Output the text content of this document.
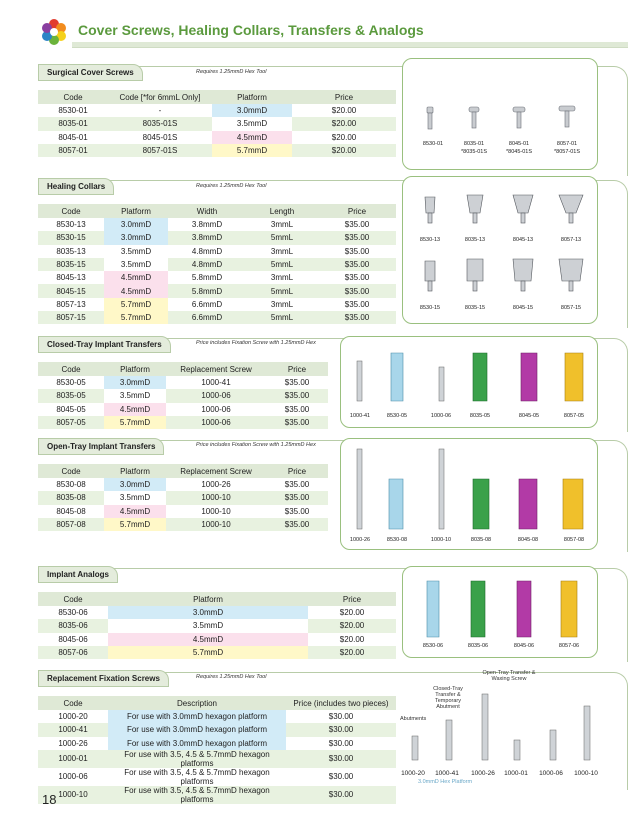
Cover Screws, Healing Collars, Transfers & Analogs
Surgical Cover Screws	Requires 1.25mmD Hex Tool
Code	Code [*for 6mmL Only]	Platform	Price
8530-01	-	3.0mmD	$20.00
8035-01	8035-01S	3.5mmD	$20.00
8045-01	8045-01S	4.5mmD	$20.00
8057-01	8057-01S	5.7mmD	$20.00
8530-01	8035-01	8045-01	8057-01
*8035-01S	*8045-01S	*8057-01S
Healing Collars	Requires 1.25mmD Hex Tool
Code	Platform	Width	Length	Price
8530-13	3.0mmD	3.8mmD	3mmL	$35.00
8530-15	3.0mmD	3.8mmD	5mmL	$35.00
8035-13	3.5mmD	4.8mmD	3mmL	$35.00
8035-15	3.5mmD	4.8mmD	5mmL	$35.00
8045-13	4.5mmD	5.8mmD	3mmL	$35.00
8045-15	4.5mmD	5.8mmD	5mmL	$35.00
8057-13	5.7mmD	6.6mmD	3mmL	$35.00
8057-15	5.7mmD	6.6mmD	5mmL	$35.00
8530-13	8035-13	8045-13	8057-13
8530-15	8035-15	8045-15	8057-15
Closed-Tray Implant Transfers	Price includes Fixation Screw with 1.25mmD Hex
Code	Platform	Replacement Screw	Price
8530-05	3.0mmD	1000-41	$35.00
8035-05	3.5mmD	1000-06	$35.00
8045-05	4.5mmD	1000-06	$35.00
8057-05	5.7mmD	1000-06	$35.00
1000-41	8530-05	1000-06	8035-05	8045-05	8057-05
Open-Tray Implant Transfers	Price includes Fixation Screw with 1.25mmD Hex
Code	Platform	Replacement Screw	Price
8530-08	3.0mmD	1000-26	$35.00
8035-08	3.5mmD	1000-10	$35.00
8045-08	4.5mmD	1000-10	$35.00
8057-08	5.7mmD	1000-10	$35.00
1000-26	8530-08	1000-10	8035-08	8045-08	8057-08
Implant Analogs
Code	Platform	Price
8530-06	3.0mmD	$20.00
8035-06	3.5mmD	$20.00
8045-06	4.5mmD	$20.00
8057-06	5.7mmD	$20.00
8530-06	8035-06	8045-06	8057-06
Replacement Fixation Screws	Requires 1.25mmD Hex Tool
Code	Description	Price (includes two pieces)
1000-20	For use with 3.0mmD hexagon platform	$30.00
1000-41	For use with 3.0mmD hexagon platform	$30.00
1000-26	For use with 3.0mmD hexagon platform	$30.00
1000-01	For use with 3.5, 4.5 & 5.7mmD hexagon platforms	$30.00
1000-06	For use with 3.5, 4.5 & 5.7mmD hexagon platforms	$30.00
1000-10	For use with 3.5, 4.5 & 5.7mmD hexagon platforms	$30.00
Abutments
Closed-Tray Transfer & Temporary Abutment
Open-Tray Transfer & Waxing Screw
1000-20	1000-41	1000-26	1000-01	1000-06	1000-10
3.0mmD Hex Platform
18
